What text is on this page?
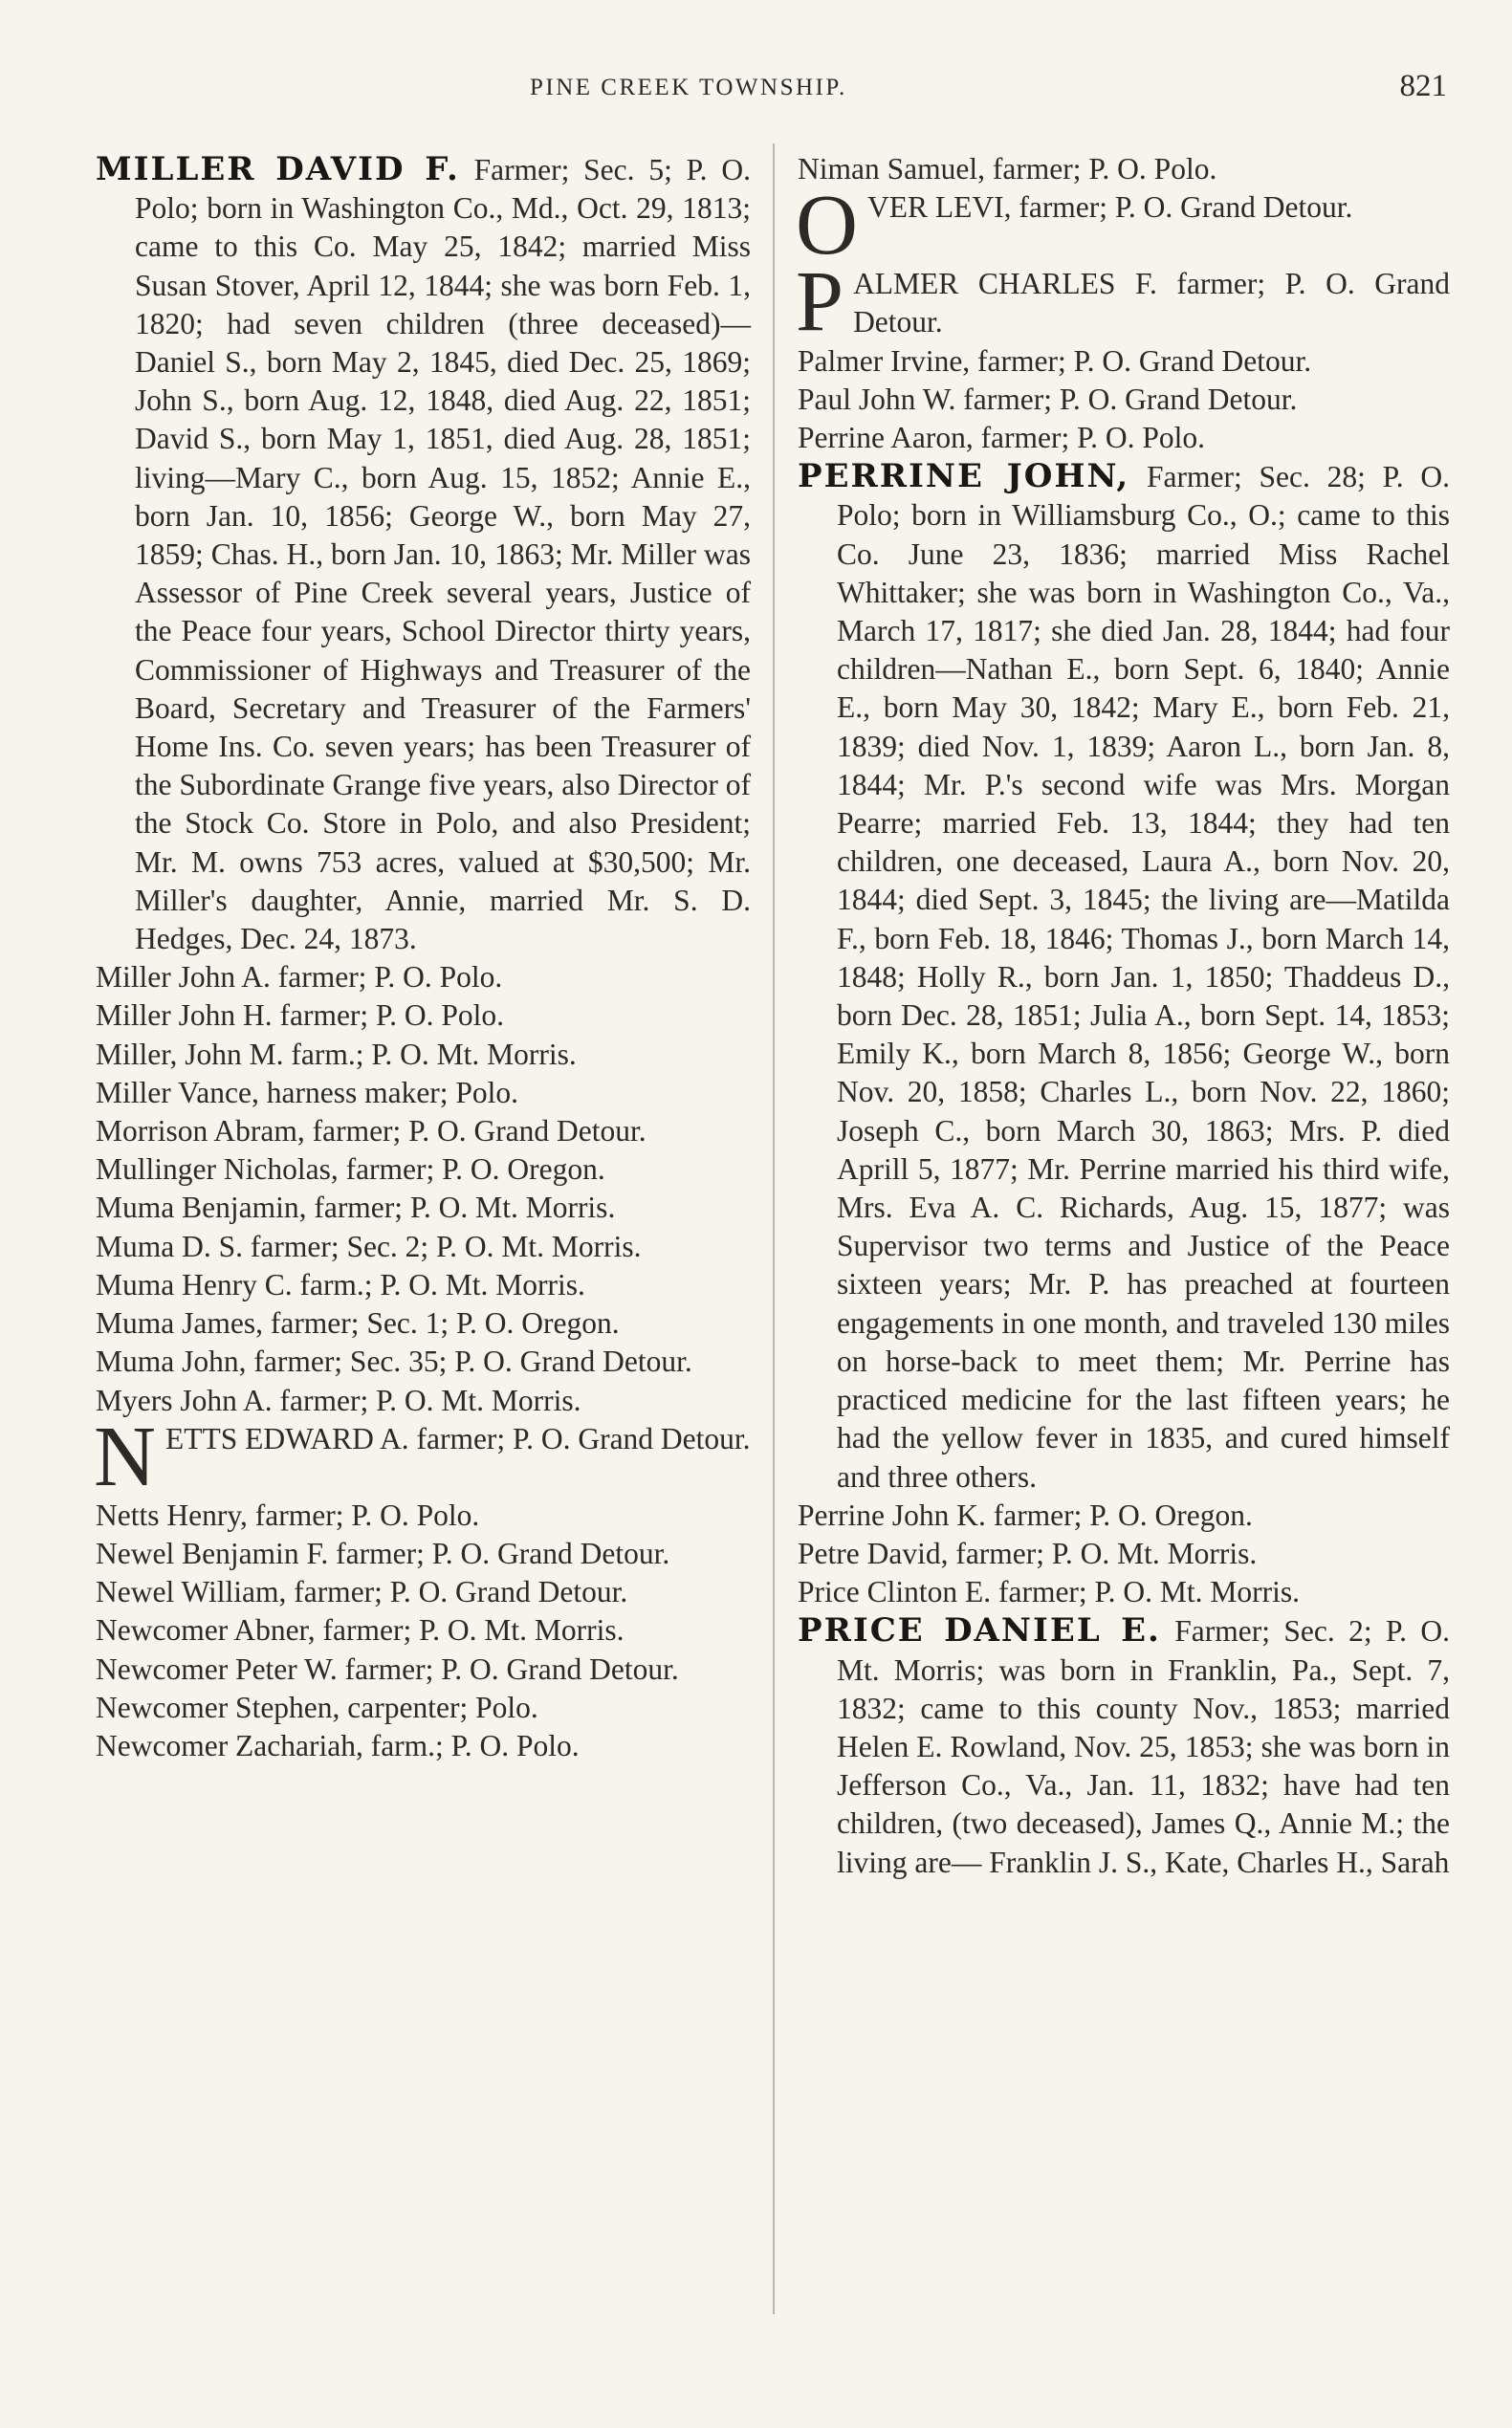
PINE CREEK TOWNSHIP.	821
MILLER DAVID F. Farmer; Sec. 5; P. O. Polo; born in Washington Co., Md., Oct. 29, 1813; came to this Co. May 25, 1842; married Miss Susan Stover, April 12, 1844; she was born Feb. 1, 1820; had seven children (three deceased)—Daniel S., born May 2, 1845, died Dec. 25, 1869; John S., born Aug. 12, 1848, died Aug. 22, 1851; David S., born May 1, 1851, died Aug. 28, 1851; living—Mary C., born Aug. 15, 1852; Annie E., born Jan. 10, 1856; George W., born May 27, 1859; Chas. H., born Jan. 10, 1863; Mr. Miller was Assessor of Pine Creek several years, Justice of the Peace four years, School Director thirty years, Commissioner of Highways and Treasurer of the Board, Secretary and Treasurer of the Farmers' Home Ins. Co. seven years; has been Treasurer of the Subordinate Grange five years, also Director of the Stock Co. Store in Polo, and also President; Mr. M. owns 753 acres, valued at $30,500; Mr. Miller's daughter, Annie, married Mr. S. D. Hedges, Dec. 24, 1873.
Miller John A. farmer; P. O. Polo.
Miller John H. farmer; P. O. Polo.
Miller, John M. farm.; P. O. Mt. Morris.
Miller Vance, harness maker; Polo.
Morrison Abram, farmer; P. O. Grand Detour.
Mullinger Nicholas, farmer; P. O. Oregon.
Muma Benjamin, farmer; P. O. Mt. Morris.
Muma D. S. farmer; Sec. 2; P. O. Mt. Morris.
Muma Henry C. farm.; P. O. Mt. Morris.
Muma James, farmer; Sec. 1; P. O. Oregon.
Muma John, farmer; Sec. 35; P. O. Grand Detour.
Myers John A. farmer; P. O. Mt. Morris.
NETTS EDWARD A. farmer; P. O. Grand Detour.
Netts Henry, farmer; P. O. Polo.
Newel Benjamin F. farmer; P. O. Grand Detour.
Newel William, farmer; P. O. Grand Detour.
Newcomer Abner, farmer; P. O. Mt. Morris.
Newcomer Peter W. farmer; P. O. Grand Detour.
Newcomer Stephen, carpenter; Polo.
Newcomer Zachariah, farm.; P. O. Polo.
Niman Samuel, farmer; P. O. Polo.
OVER LEVI, farmer; P. O. Grand Detour.
PALMER CHARLES F. farmer; P. O. Grand Detour.
Palmer Irvine, farmer; P. O. Grand Detour.
Paul John W. farmer; P. O. Grand Detour.
Perrine Aaron, farmer; P. O. Polo.
PERRINE JOHN, Farmer; Sec. 28; P. O. Polo; born in Williamsburg Co., O.; came to this Co. June 23, 1836; married Miss Rachel Whittaker; she was born in Washington Co., Va., March 17, 1817; she died Jan. 28, 1844; had four children—Nathan E., born Sept. 6, 1840; Annie E., born May 30, 1842; Mary E., born Feb. 21, 1839; died Nov. 1, 1839; Aaron L., born Jan. 8, 1844; Mr. P.'s second wife was Mrs. Morgan Pearre; married Feb. 13, 1844; they had ten children, one deceased, Laura A., born Nov. 20, 1844; died Sept. 3, 1845; the living are—Matilda F., born Feb. 18, 1846; Thomas J., born March 14, 1848; Holly R., born Jan. 1, 1850; Thaddeus D., born Dec. 28, 1851; Julia A., born Sept. 14, 1853; Emily K., born March 8, 1856; George W., born Nov. 20, 1858; Charles L., born Nov. 22, 1860; Joseph C., born March 30, 1863; Mrs. P. died Aprill 5, 1877; Mr. Perrine married his third wife, Mrs. Eva A. C. Richards, Aug. 15, 1877; was Supervisor two terms and Justice of the Peace sixteen years; Mr. P. has preached at fourteen engagements in one month, and traveled 130 miles on horse-back to meet them; Mr. Perrine has practiced medicine for the last fifteen years; he had the yellow fever in 1835, and cured himself and three others.
Perrine John K. farmer; P. O. Oregon.
Petre David, farmer; P. O. Mt. Morris.
Price Clinton E. farmer; P. O. Mt. Morris.
PRICE DANIEL E. Farmer; Sec. 2; P. O. Mt. Morris; was born in Franklin, Pa., Sept. 7, 1832; came to this county Nov., 1853; married Helen E. Rowland, Nov. 25, 1853; she was born in Jefferson Co., Va., Jan. 11, 1832; have had ten children, (two deceased), James Q., Annie M.; the living are— Franklin J. S., Kate, Charles H., Sarah
